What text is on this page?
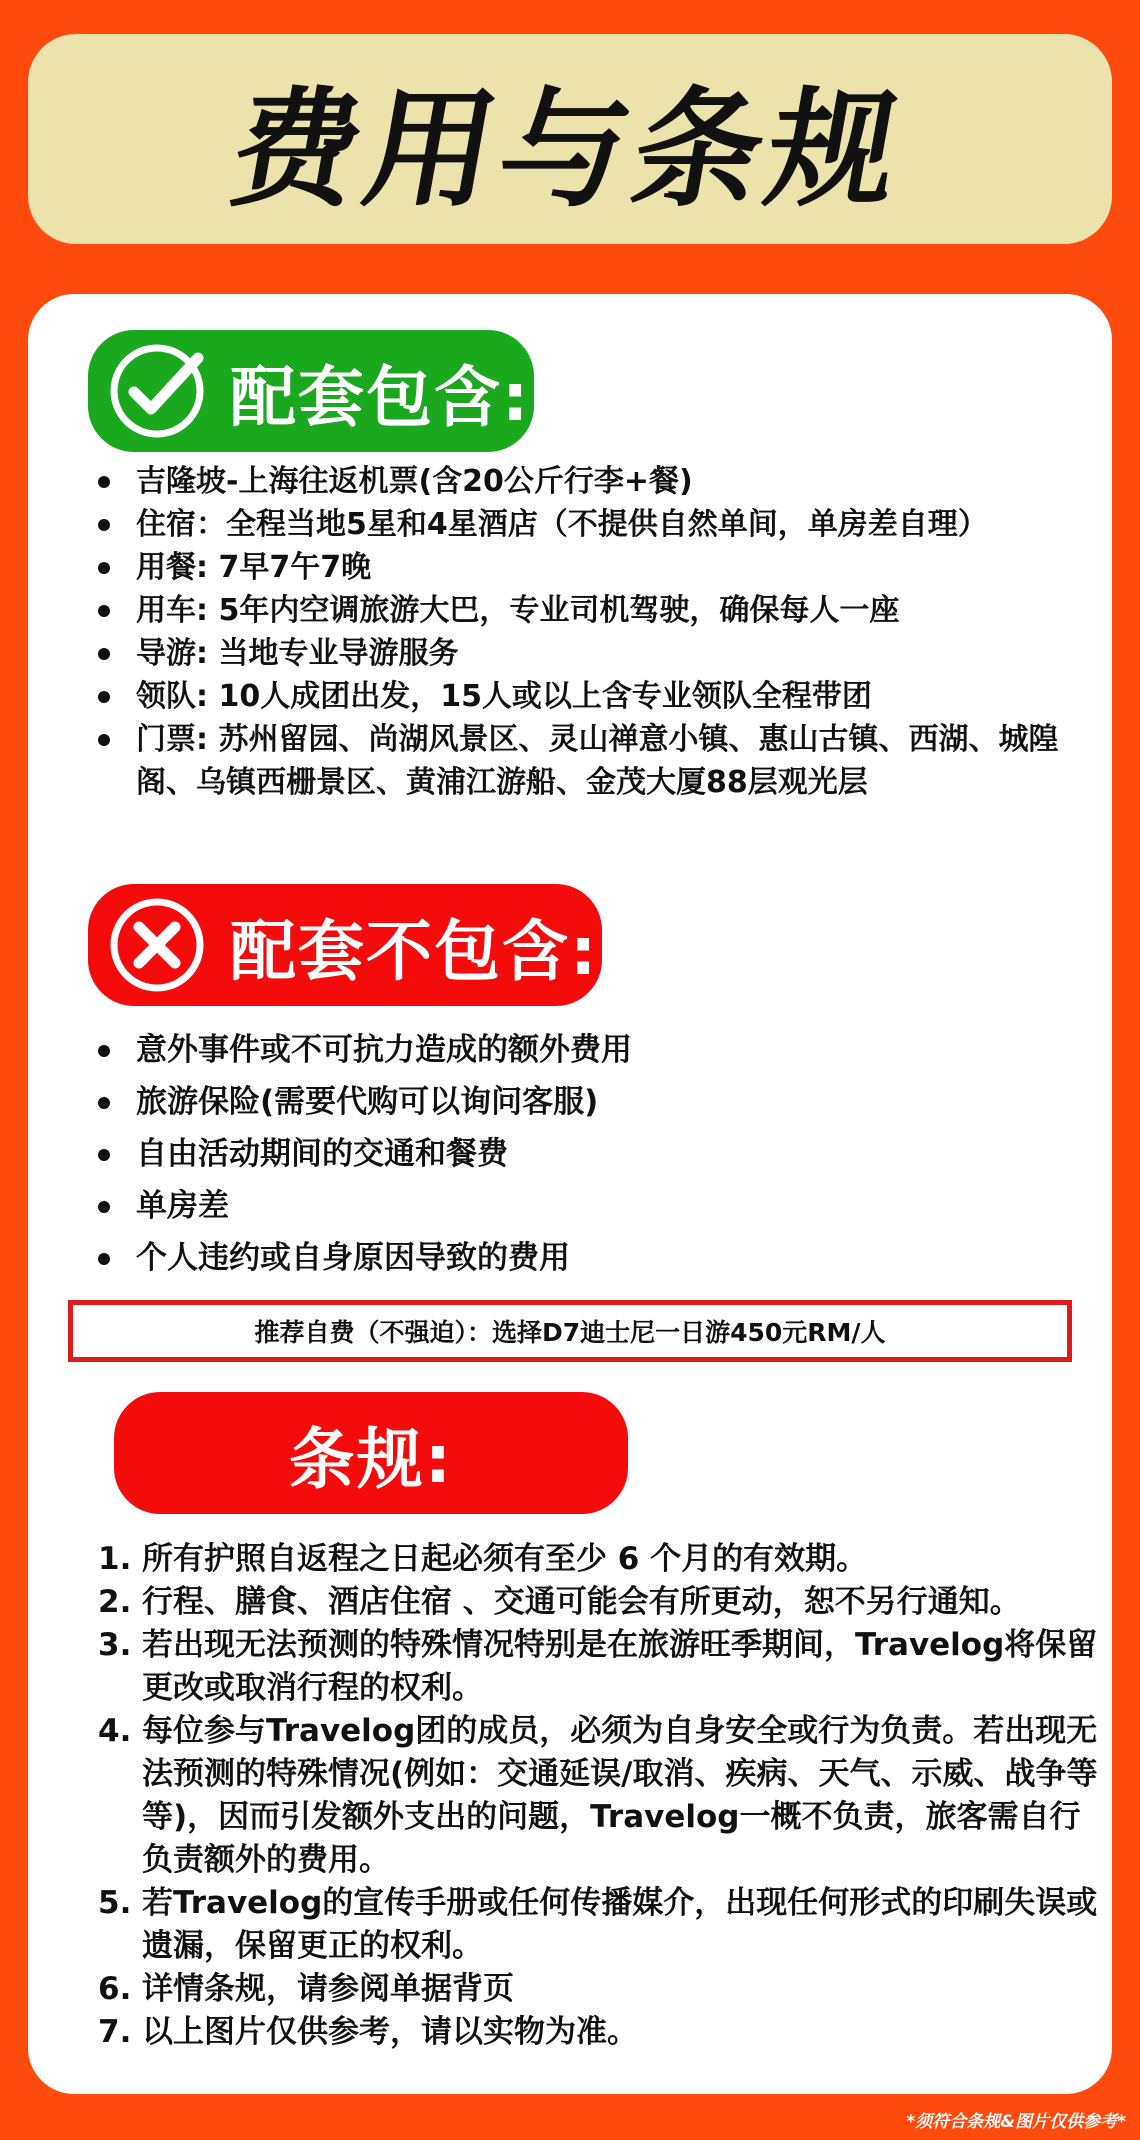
费用与条规
配套包含:
吉隆坡-上海往返机票(含20公斤行李+餐)
住宿：全程当地5星和4星酒店（不提供自然单间，单房差自理）
用餐: 7早7午7晚
用车: 5年内空调旅游大巴，专业司机驾驶，确保每人一座
导游: 当地专业导游服务
领队: 10人成团出发，15人或以上含专业领队全程带团
门票: 苏州留园、尚湖风景区、灵山禅意小镇、惠山古镇、西湖、城隍阁、乌镇西栅景区、黄浦江游船、金茂大厦88层观光层
配套不包含:
意外事件或不可抗力造成的额外费用
旅游保险(需要代购可以询问客服)
自由活动期间的交通和餐费
单房差
个人违约或自身原因导致的费用
推荐自费（不强迫）：选择D7迪士尼一日游450元RM/人
条规:
1. 所有护照自返程之日起必须有至少 6 个月的有效期。
2. 行程、膳食、酒店住宿 、交通可能会有所更动，恕不另行通知。
3. 若出现无法预测的特殊情况特别是在旅游旺季期间，Travelog将保留更改或取消行程的权利。
4. 每位参与Travelog团的成员，必须为自身安全或行为负责。若出现无法预测的特殊情况(例如：交通延误/取消、疾病、天气、示威、战争等等)，因而引发额外支出的问题，Travelog一概不负责，旅客需自行负责额外的费用。
5. 若Travelog的宣传手册或任何传播媒介，出现任何形式的印刷失误或遗漏，保留更正的权利。
6. 详情条规，请参阅单据背页
7. 以上图片仅供参考，请以实物为准。
*须符合条规&图片仅供参考*
